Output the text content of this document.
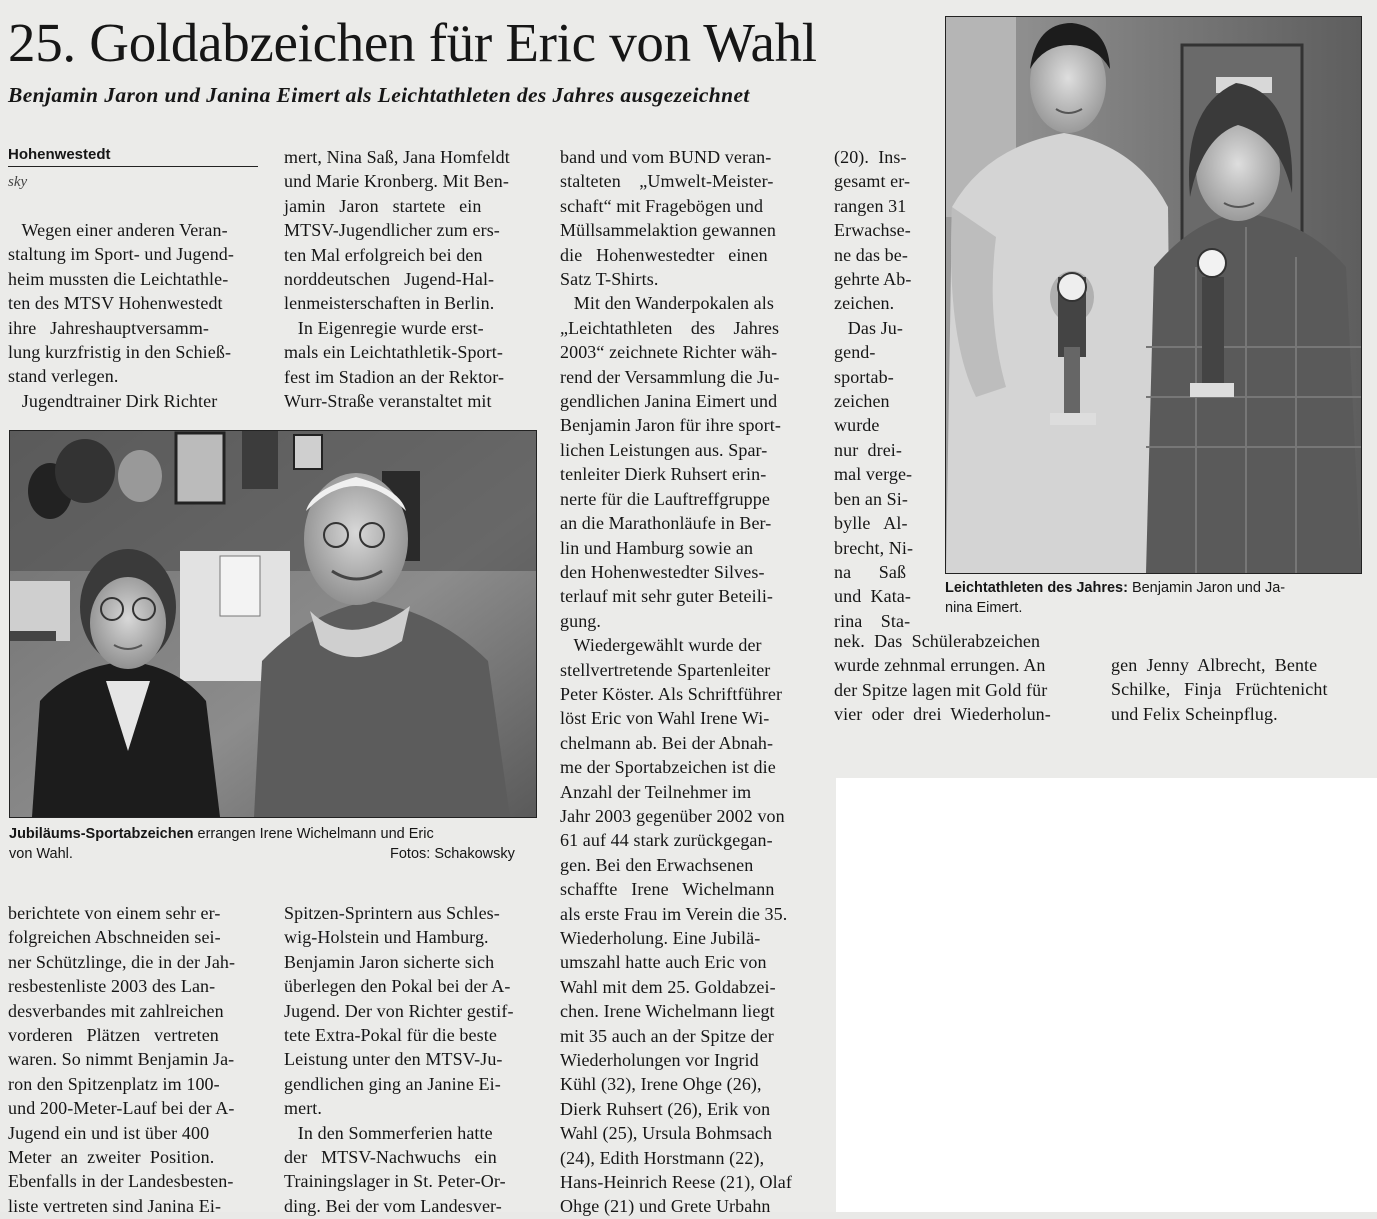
25. Goldabzeichen für Eric von Wahl
Benjamin Jaron und Janina Eimert als Leichtathleten des Jahres ausgezeichnet
Hohenwestedt
sky

Wegen einer anderen Veran-
staltung im Sport- und Jugend-
heim mussten die Leichtathle-
ten des MTSV Hohenwestedt
ihre   Jahreshauptversamm-
lung kurzfristig in den Schieß-
stand verlegen.
Jugendtrainer Dirk Richter

mert, Nina Saß, Jana Homfeldt
und Marie Kronberg. Mit Ben-
jamin   Jaron   startete   ein
MTSV-Jugendlicher zum ers-
ten Mal erfolgreich bei den
norddeutschen   Jugend-Hal-
lenmeisterschaften in Berlin.
In Eigenregie wurde erst-
mals ein Leichtathletik-Sport-
fest im Stadion an der Rektor-
Wurr-Straße veranstaltet mit

band und vom BUND veran-
stalteten    „Umwelt-Meister-
schaft“ mit Fragebögen und
Müllsammelaktion gewannen
die   Hohenwestedter   einen
Satz T-Shirts.
Mit den Wanderpokalen als
„Leichtathleten    des    Jahres
2003“ zeichnete Richter wäh-
rend der Versammlung die Ju-
gendlichen Janina Eimert und
Benjamin Jaron für ihre sport-
lichen Leistungen aus. Spar-
tenleiter Dierk Ruhsert erin-
nerte für die Lauftreffgruppe
an die Marathonläufe in Ber-
lin und Hamburg sowie an
den Hohenwestedter Silves-
terlauf mit sehr guter Beteili-
gung.
Wiedergewählt wurde der
stellvertretende Spartenleiter
Peter Köster. Als Schriftführer
löst Eric von Wahl Irene Wi-
chelmann ab. Bei der Abnah-
me der Sportabzeichen ist die
Anzahl der Teilnehmer im
Jahr 2003 gegenüber 2002 von
61 auf 44 stark zurückgegan-
gen. Bei den Erwachsenen
schaffte   Irene   Wichelmann
als erste Frau im Verein die 35.
Wiederholung. Eine Jubilä-
umszahl hatte auch Eric von
Wahl mit dem 25. Goldabzei-
chen. Irene Wichelmann liegt
mit 35 auch an der Spitze der
Wiederholungen vor Ingrid
Kühl (32), Irene Ohge (26),
Dierk Ruhsert (26), Erik von
Wahl (25), Ursula Bohmsach
(24), Edith Horstmann (22),
Hans-Heinrich Reese (21), Olaf
Ohge (21) und Grete Urbahn

(20).  Ins-
gesamt er-
rangen 31
Erwachse-
ne das be-
gehrte Ab-
zeichen.
Das Ju-
gend-
sportab-
zeichen
wurde
nur  drei-
mal verge-
ben an Si-
bylle   Al-
brecht, Ni-
na      Saß
und  Kata-
rina    Sta-

nek.  Das  Schülerabzeichen
wurde zehnmal errungen. An
der Spitze lagen mit Gold für
vier  oder  drei  Wiederholun-

gen  Jenny  Albrecht,  Bente
Schilke,   Finja   Früchtenicht
und Felix Scheinpflug.

berichtete von einem sehr er-
folgreichen Abschneiden sei-
ner Schützlinge, die in der Jah-
resbestenliste 2003 des Lan-
desverbandes mit zahlreichen
vorderen   Plätzen   vertreten
waren. So nimmt Benjamin Ja-
ron den Spitzenplatz im 100-
und 200-Meter-Lauf bei der A-
Jugend ein und ist über 400
Meter  an  zweiter  Position.
Ebenfalls in der Landesbesten-
liste vertreten sind Janina Ei-

Spitzen-Sprintern aus Schles-
wig-Holstein und Hamburg.
Benjamin Jaron sicherte sich
überlegen den Pokal bei der A-
Jugend. Der von Richter gestif-
tete Extra-Pokal für die beste
Leistung unter den MTSV-Ju-
gendlichen ging an Janine Ei-
mert.
In den Sommerferien hatte
der   MTSV-Nachwuchs   ein
Trainingslager in St. Peter-Or-
ding. Bei der vom Landesver-

Jubiläums-Sportabzeichen errangen Irene Wichelmann und Eric
von Wahl.	Fotos: Schakowsky

Leichtathleten des Jahres: Benjamin Jaron und Ja-
nina Eimert.
